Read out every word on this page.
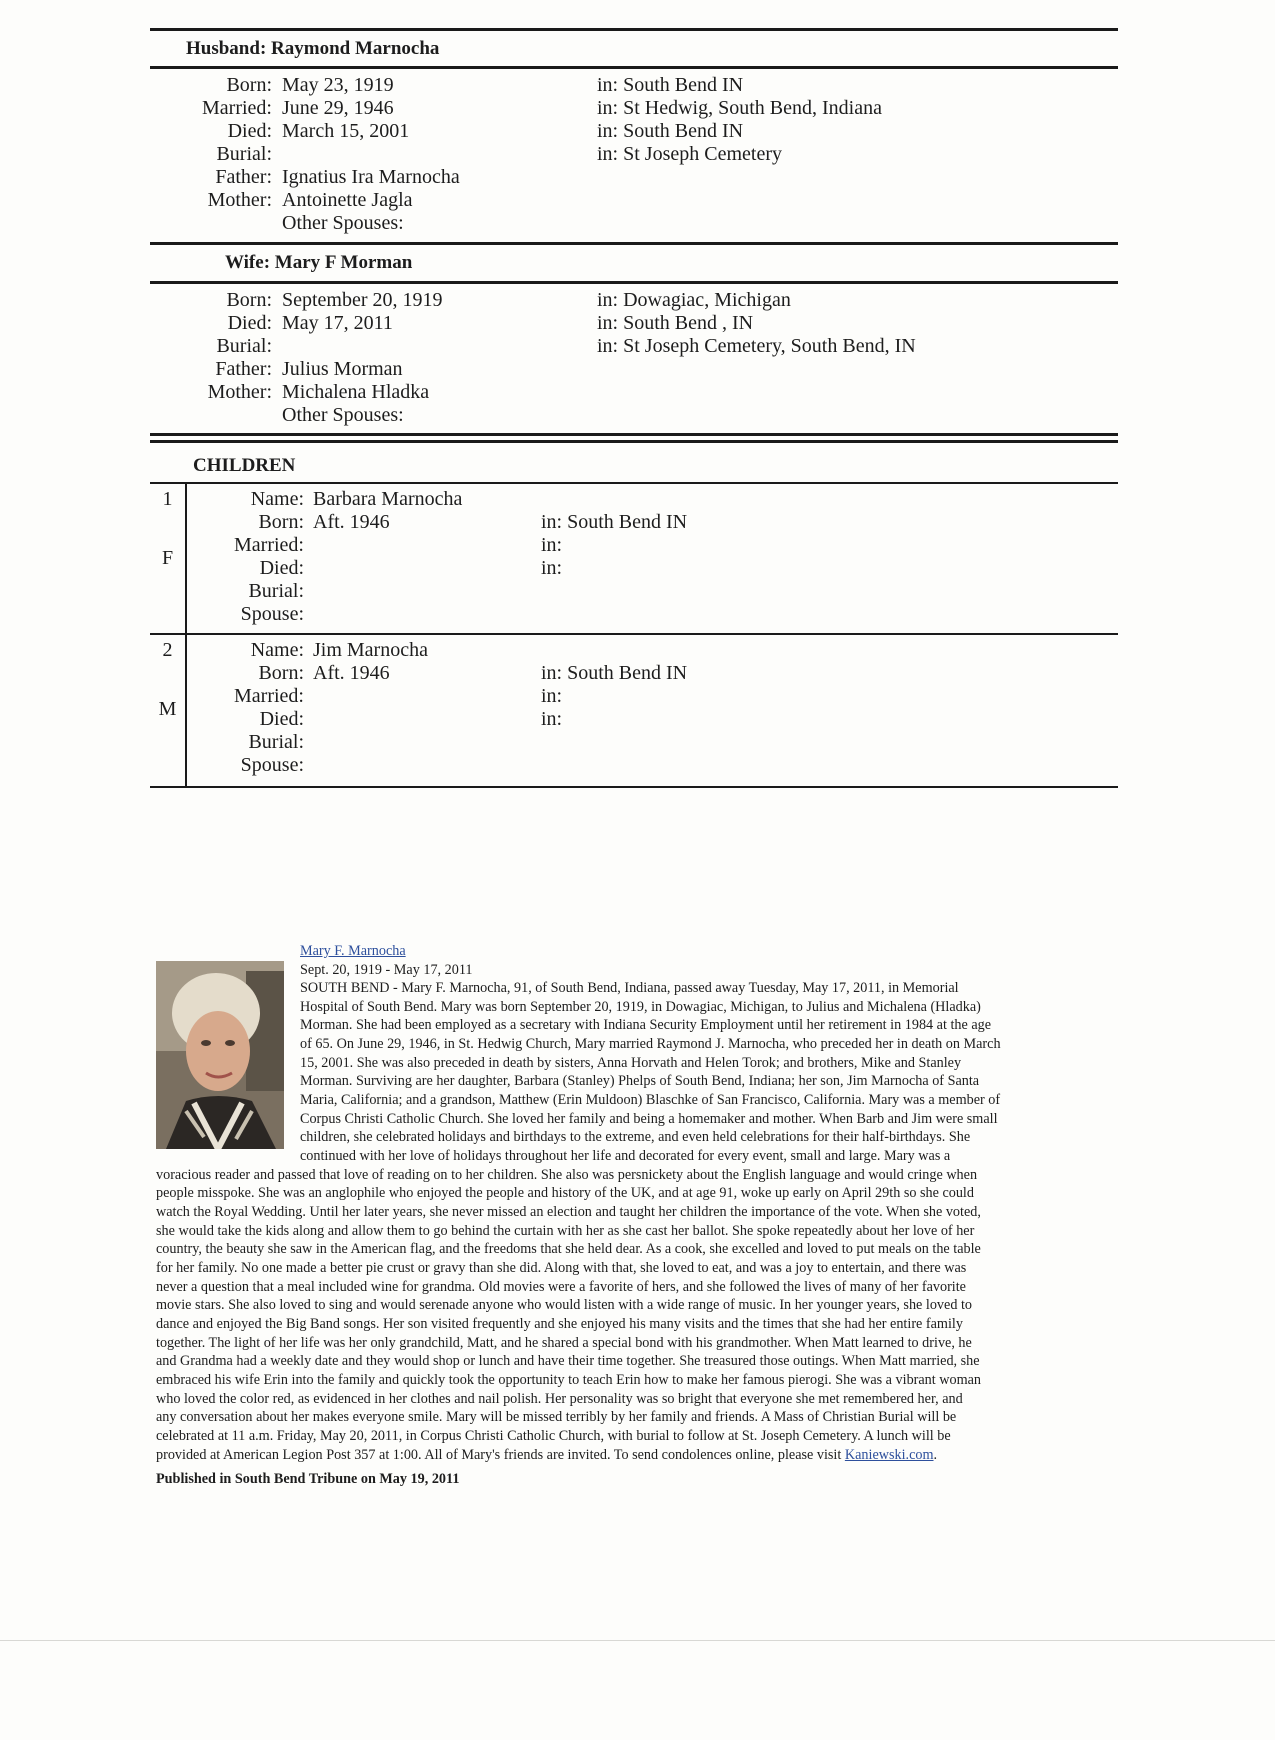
Husband: Raymond Marnocha
Born: May 23, 1919
Married: June 29, 1946
Died: March 15, 2001
Burial:
Father: Ignatius Ira Marnocha
Mother: Antoinette Jagla
Other Spouses:
in: South Bend IN
in: St Hedwig, South Bend, Indiana
in: South Bend IN
in: St Joseph Cemetery
Wife: Mary F Morman
Born: September 20, 1919
Died: May 17, 2011
Burial:
Father: Julius Morman
Mother: Michalena Hladka
Other Spouses:
in: Dowagiac, Michigan
in: South Bend , IN
in: St Joseph Cemetery, South Bend, IN
CHILDREN
1
F
Name: Barbara Marnocha
Born: Aft. 1946
Married:
Died:
Burial:
Spouse:
in: South Bend IN
in:
in:
2
M
Name: Jim Marnocha
Born: Aft. 1946
Married:
Died:
Burial:
Spouse:
in: South Bend IN
in:
in:
Mary F. Marnocha
Sept. 20, 1919 - May 17, 2011
SOUTH BEND - Mary F. Marnocha, 91, of South Bend, Indiana, passed away Tuesday, May 17, 2011, in Memorial
Hospital of South Bend. Mary was born September 20, 1919, in Dowagiac, Michigan, to Julius and Michalena (Hladka)
Morman. She had been employed as a secretary with Indiana Security Employment until her retirement in 1984 at the age
of 65. On June 29, 1946, in St. Hedwig Church, Mary married Raymond J. Marnocha, who preceded her in death on March
15, 2001. She was also preceded in death by sisters, Anna Horvath and Helen Torok; and brothers, Mike and Stanley
Morman. Surviving are her daughter, Barbara (Stanley) Phelps of South Bend, Indiana; her son, Jim Marnocha of Santa
Maria, California; and a grandson, Matthew (Erin Muldoon) Blaschke of San Francisco, California. Mary was a member of
Corpus Christi Catholic Church. She loved her family and being a homemaker and mother. When Barb and Jim were small
children, she celebrated holidays and birthdays to the extreme, and even held celebrations for their half-birthdays. She
continued with her love of holidays throughout her life and decorated for every event, small and large. Mary was a
voracious reader and passed that love of reading on to her children. She also was persnickety about the English language and would cringe when
people misspoke. She was an anglophile who enjoyed the people and history of the UK, and at age 91, woke up early on April 29th so she could
watch the Royal Wedding. Until her later years, she never missed an election and taught her children the importance of the vote. When she voted,
she would take the kids along and allow them to go behind the curtain with her as she cast her ballot. She spoke repeatedly about her love of her
country, the beauty she saw in the American flag, and the freedoms that she held dear. As a cook, she excelled and loved to put meals on the table
for her family. No one made a better pie crust or gravy than she did. Along with that, she loved to eat, and was a joy to entertain, and there was
never a question that a meal included wine for grandma. Old movies were a favorite of hers, and she followed the lives of many of her favorite
movie stars. She also loved to sing and would serenade anyone who would listen with a wide range of music. In her younger years, she loved to
dance and enjoyed the Big Band songs. Her son visited frequently and she enjoyed his many visits and the times that she had her entire family
together. The light of her life was her only grandchild, Matt, and he shared a special bond with his grandmother. When Matt learned to drive, he
and Grandma had a weekly date and they would shop or lunch and have their time together. She treasured those outings. When Matt married, she
embraced his wife Erin into the family and quickly took the opportunity to teach Erin how to make her famous pierogi. She was a vibrant woman
who loved the color red, as evidenced in her clothes and nail polish. Her personality was so bright that everyone she met remembered her, and
any conversation about her makes everyone smile. Mary will be missed terribly by her family and friends. A Mass of Christian Burial will be
celebrated at 11 a.m. Friday, May 20, 2011, in Corpus Christi Catholic Church, with burial to follow at St. Joseph Cemetery. A lunch will be
provided at American Legion Post 357 at 1:00. All of Mary's friends are invited. To send condolences online, please visit Kaniewski.com.
Published in South Bend Tribune on May 19, 2011
